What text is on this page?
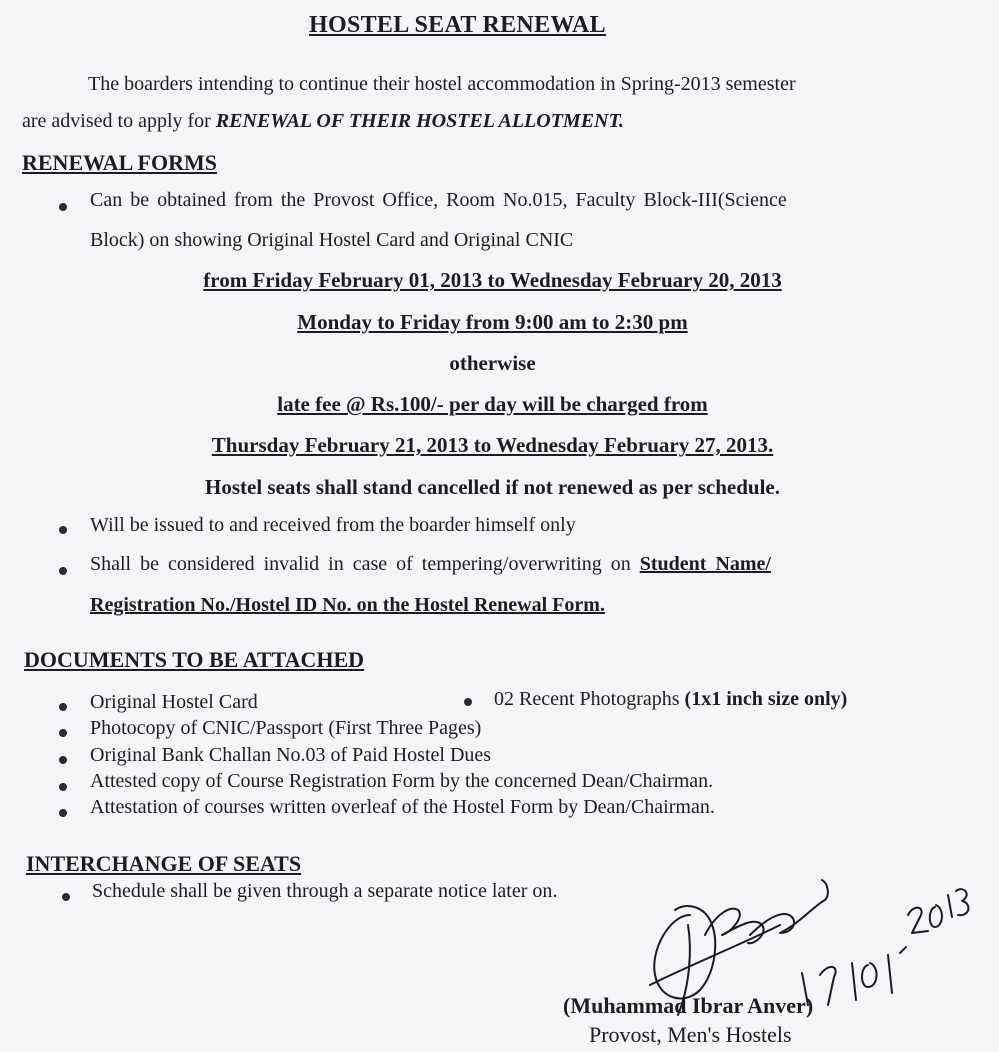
HOSTEL SEAT RENEWAL
The boarders intending to continue their hostel accommodation in Spring-2013 semester
are advised to apply for RENEWAL OF THEIR HOSTEL ALLOTMENT.
RENEWAL FORMS
Can be obtained from the Provost Office, Room No.015, Faculty Block-III(Science
Block) on showing Original Hostel Card and Original CNIC
from Friday February 01, 2013 to Wednesday February 20, 2013
Monday to Friday from 9:00 am to 2:30 pm
otherwise
late fee @ Rs.100/- per day will be charged from
Thursday February 21, 2013 to Wednesday February 27, 2013.
Hostel seats shall stand cancelled if not renewed as per schedule.
Will be issued to and received from the boarder himself only
Shall be considered invalid in case of tempering/overwriting on Student Name/
Registration No./Hostel ID No. on the Hostel Renewal Form.
DOCUMENTS TO BE ATTACHED
Original Hostel Card	02 Recent Photographs (1x1 inch size only)
Photocopy of CNIC/Passport (First Three Pages)
Original Bank Challan No.03 of Paid Hostel Dues
Attested copy of Course Registration Form by the concerned Dean/Chairman.
Attestation of courses written overleaf of the Hostel Form by Dean/Chairman.
INTERCHANGE OF SEATS
Schedule shall be given through a separate notice later on.
(Muhammad Ibrar Anver)
Provost, Men's Hostels
